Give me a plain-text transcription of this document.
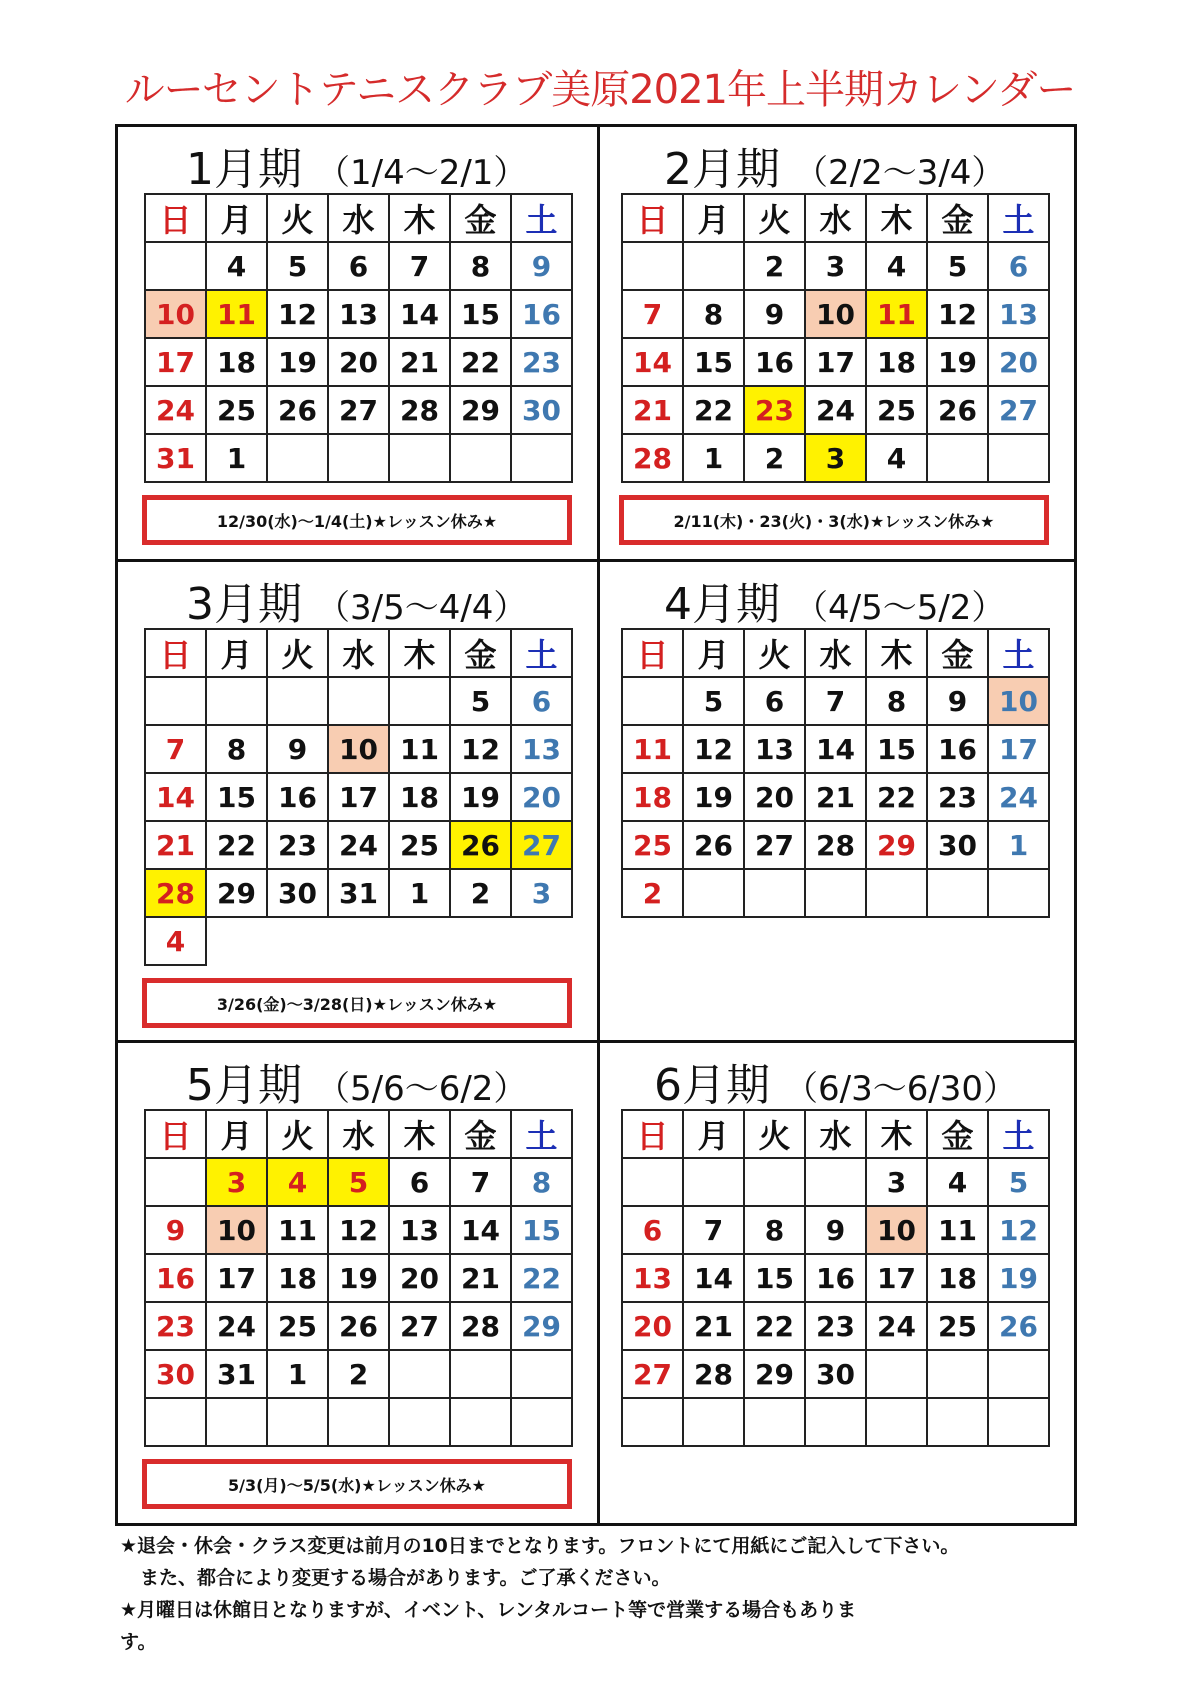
ルーセントテニスクラブ美原2021年上半期カレンダー
1月期 （1/4～2/1）
日	月	火	水	木	金	土
	4	5	6	7	8	9
10	11	12	13	14	15	16
17	18	19	20	21	22	23
24	25	26	27	28	29	30
31	1					
12/30(水)～1/4(土)★レッスン休み★
2月期 （2/2～3/4）
日	月	火	水	木	金	土
		2	3	4	5	6
7	8	9	10	11	12	13
14	15	16	17	18	19	20
21	22	23	24	25	26	27
28	1	2	3	4		
2/11(木)・23(火)・3(水)★レッスン休み★
3月期 （3/5～4/4）
日	月	火	水	木	金	土
					5	6
7	8	9	10	11	12	13
14	15	16	17	18	19	20
21	22	23	24	25	26	27
28	29	30	31	1	2	3
4						
3/26(金)～3/28(日)★レッスン休み★
4月期 （4/5～5/2）
日	月	火	水	木	金	土
	5	6	7	8	9	10
11	12	13	14	15	16	17
18	19	20	21	22	23	24
25	26	27	28	29	30	1
2						
5月期 （5/6～6/2）
日	月	火	水	木	金	土
	3	4	5	6	7	8
9	10	11	12	13	14	15
16	17	18	19	20	21	22
23	24	25	26	27	28	29
30	31	1	2			

5/3(月)～5/5(水)★レッスン休み★
6月期 （6/3～6/30）
日	月	火	水	木	金	土
				3	4	5
6	7	8	9	10	11	12
13	14	15	16	17	18	19
20	21	22	23	24	25	26
27	28	29	30			

★退会・休会・クラス変更は前月の10日までとなります。フロントにて用紙にご記入して下さい。
また、都合により変更する場合があります。ご了承ください。
★月曜日は休館日となりますが、イベント、レンタルコート等で営業する場合もありま
す。
